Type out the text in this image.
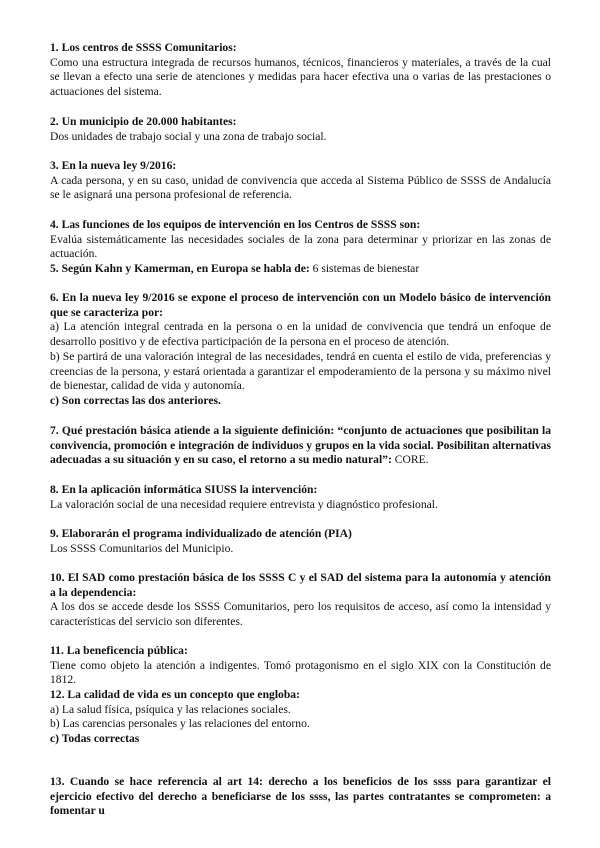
1. Los centros de SSSS Comunitarios:

Como una estructura integrada de recursos humanos, técnicos, financieros y materiales, a través de la cual se llevan a efecto una serie de atenciones y medidas para hacer efectiva una o varias de las prestaciones o actuaciones del sistema.

2. Un municipio de 20.000 habitantes:

Dos unidades de trabajo social y una zona de trabajo social.

3. En la nueva ley 9/2016:

A cada persona, y en su caso, unidad de convivencia que acceda al Sistema Público de SSSS de Andalucía se le asignará una persona profesional de referencia.

4. Las funciones de los equipos de intervención en los Centros de SSSS son:

Evalúa sistemáticamente las necesidades sociales de la zona para determinar y priorizar en las zonas de actuación.

5. Según Kahn y Kamerman, en Europa se habla de: 6 sistemas de bienestar

6. En la nueva ley 9/2016 se expone el proceso de intervención con un Modelo básico de intervención que se caracteriza por:

a) La atención integral centrada en la persona o en la unidad de convivencia que tendrá un enfoque de desarrollo positivo y de efectiva participación de la persona en el proceso de atención.

b) Se partirá de una valoración integral de las necesidades, tendrá en cuenta el estilo de vida, preferencias y creencias de la persona, y estará orientada a garantizar el empoderamiento de la persona y su máximo nivel de bienestar, calidad de vida y autonomía.

c) Son correctas las dos anteriores.

7. Qué prestación básica atiende a la siguiente definición: “conjunto de actuaciones que posibilitan la convivencia, promoción e integración de individuos y grupos en la vida social. Posibilitan alternativas adecuadas a su situación y en su caso, el retorno a su medio natural”: CORE.

8. En la aplicación informática SIUSS la intervención:

La valoración social de una necesidad requiere entrevista y diagnóstico profesional.

9. Elaborarán el programa individualizado de atención (PIA)

Los SSSS Comunitarios del Municipio.

10. El SAD como prestación básica de los SSSS C y el SAD del sistema para la autonomía y atención a la dependencia:

A los dos se accede desde los SSSS Comunitarios, pero los requisitos de acceso, así como la intensidad y características del servicio son diferentes.

11. La beneficencia pública:

Tiene como objeto la atención a indigentes. Tomó protagonismo en el siglo XIX con la Constitución de 1812.

12. La calidad de vida es un concepto que engloba:

a) La salud física, psíquica y las relaciones sociales.

b) Las carencias personales y las relaciones del entorno.

c) Todas correctas

13. Cuando se hace referencia al art 14: derecho a los beneficios de los ssss para garantizar el ejercicio efectivo del derecho a beneficiarse de los ssss, las partes contratantes se comprometen: a fomentar u
